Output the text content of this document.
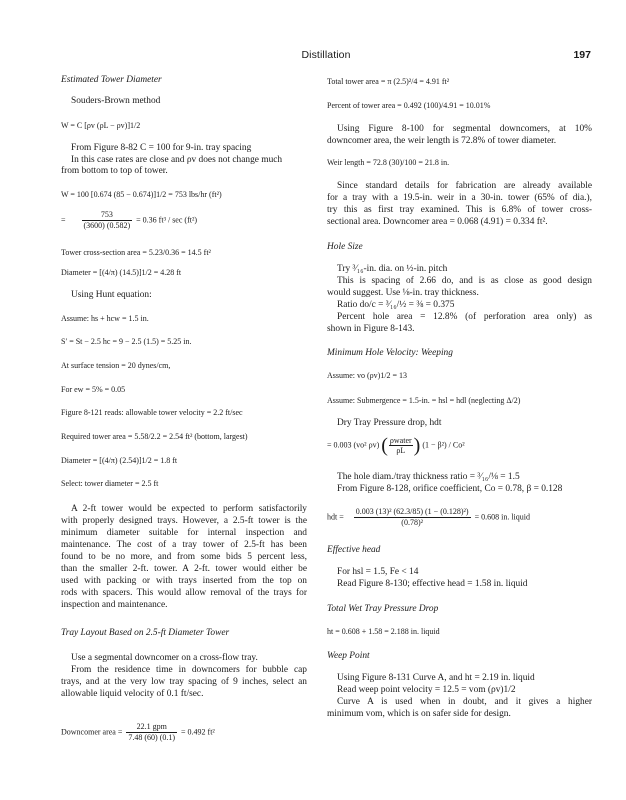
Distillation	197
Estimated Tower Diameter
Souders-Brown method
W = C [ρv (ρL − ρv)]1/2
From Figure 8-82 C = 100 for 9-in. tray spacing
In this case rates are close and ρv does not change much
from bottom to top of tower.
W = 100 [0.674 (85 − 0.674)]1/2 = 753 lbs/hr (ft²)
= $\frac{753}{(3600) (0.582)} = 0.36$ ft³ / sec (ft²)
Tower cross-section area = 5.23/0.36 = 14.5 ft²
Diameter = [(4/π) (14.5)]1/2 = 4.28 ft
Using Hunt equation:
Assume: hs + hcw = 1.5 in.
S′ = St − 2.5 hc = 9 − 2.5 (1.5) = 5.25 in.
At surface tension = 20 dynes/cm,
For ew = 5% = 0.05
Figure 8-121 reads: allowable tower velocity = 2.2 ft/sec
Required tower area = 5.58/2.2 = 2.54 ft² (bottom, largest)
Diameter = [(4/π) (2.54)]1/2 = 1.8 ft
Select: tower diameter = 2.5 ft
A 2-ft tower would be expected to perform satisfactorily
with properly designed trays. However, a 2.5-ft tower is the
minimum diameter suitable for internal inspection and
maintenance. The cost of a tray tower of 2.5-ft has been
found to be no more, and from some bids 5 percent less,
than the smaller 2-ft. tower. A 2-ft. tower would either be
used with packing or with trays inserted from the top on
rods with spacers. This would allow removal of the trays for
inspection and maintenance.
Tray Layout Based on 2.5-ft Diameter Tower
Use a segmental downcomer on a cross-flow tray.
From the residence time in downcomers for bubble cap
trays, and at the very low tray spacing of 9 inches, select an
allowable liquid velocity of 0.1 ft/sec.
Downcomer area = $\frac{\text{22.1 gpm}}{7.48 (60) (0.1)} = 0.492$ ft²
Total tower area = π (2.5)²/4 = 4.91 ft²
Percent of tower area = 0.492 (100)/4.91 = 10.01%
Using Figure 8-100 for segmental downcomers, at 10%
downcomer area, the weir length is 72.8% of tower diameter.
Weir length = 72.8 (30)/100 = 21.8 in.
Since standard details for fabrication are already available
for a tray with a 19.5-in. weir in a 30-in. tower (65% of dia.),
try this as first tray examined. This is 6.8% of tower cross-
sectional area. Downcomer area = 0.068 (4.91) = 0.334 ft².
Hole Size
Try ³⁄₁₆-in. dia. on ½-in. pitch
This is spacing of 2.66 do, and is as close as good design
would suggest. Use ⅛-in. tray thickness.
Ratio do/c = ³⁄₁₆/½ = ⅜ = 0.375
Percent hole area = 12.8% (of perforation area only) as
shown in Figure 8-143.
Minimum Hole Velocity: Weeping
Assume: vo (ρv)1/2 = 13
Assume: Submergence = 1.5-in. = hsl = hdl (neglecting Δ/2)
Dry Tray Pressure drop, hdt
= 0.003 (vo² ρv) ( $\frac{\text{ρwater}}{\rho L}$ ) (1 − β²) / Co²
The hole diam./tray thickness ratio = ³⁄₁₆/⅛ = 1.5
From Figure 8-128, orifice coefficient, Co = 0.78, β = 0.128
hdt = $\frac{\text{0.003 (13)² (62.3/85) (1 − (0.128)²)}}{\text{(0.78)²}} = 0.608$ in. liquid
Effective head
For hsl = 1.5, Fe < 14
Read Figure 8-130; effective head = 1.58 in. liquid
Total Wet Tray Pressure Drop
ht = 0.608 + 1.58 = 2.188 in. liquid
Weep Point
Using Figure 8-131 Curve A, and ht = 2.19 in. liquid
Read weep point velocity = 12.5 = vom (ρv)1/2
Curve A is used when in doubt, and it gives a higher
minimum vom, which is on safer side for design.
